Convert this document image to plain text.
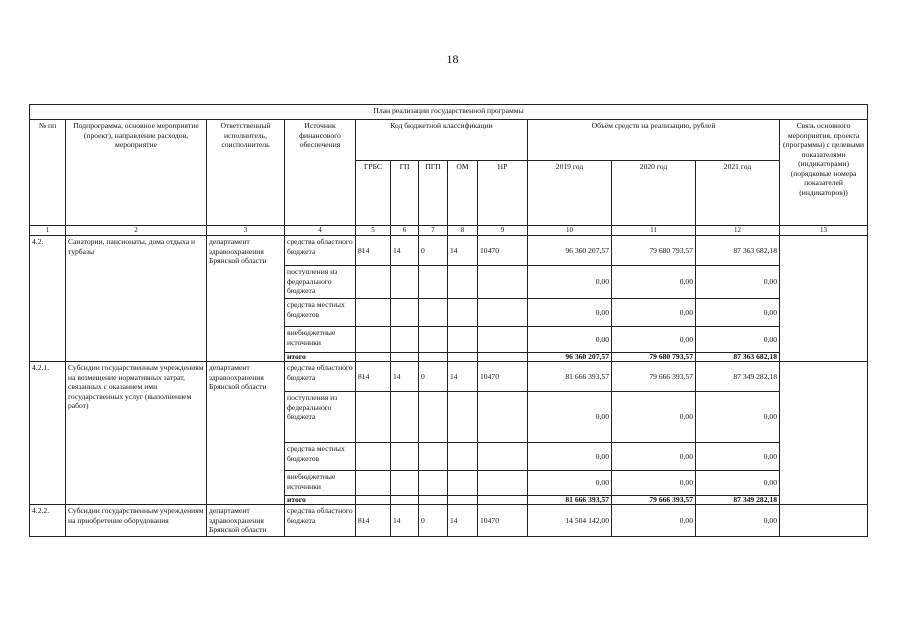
18
План реализации государственной программы												
№ пп	Подпрограмма, основное мероприятие (проект), направление расходов, мероприятие	Ответственный исполнитель, соисполнитель	Источник финансового обеспечения	Код бюджетной классификации					Объём средств на реализацию, рублей			Связь основного мероприятия, проекта (программы) с целевыми показателями (индикаторами) (порядковые номера показателей (индикаторов))
				ГРБС	ГП	ПГП	ОМ	НР	2019 год	2020 год	2021 год	
1	2	3	4	5	6	7	8	9	10	11	12	13
4.2.	Санатории, пансионаты, дома отдыха и турбазы	департамент здравоохранения Брянской области	средства областного бюджета	814	14	0	14	10470	96 360 207,57	79 680 793,57	87 363 682,18	
			поступления из федерального бюджета						0,00	0,00	0,00	
			средства местных бюджетов						0,00	0,00	0,00	
			внебюджетные источники						0,00	0,00	0,00	
			итого						96 360 207,57	79 680 793,57	87 363 682,18	
4.2.1.	Субсидии государственным учреждениям на возмещение нормативных затрат, связанных с оказанием ими государственных услуг (выполнением работ)	департамент здравоохранения Брянской области	средства областного бюджета	814	14	0	14	10470	81 666 393,57	79 666 393,57	87 349 282,18	
			поступления из федерального бюджета						0,00	0,00	0,00	
			средства местных бюджетов						0,00	0,00	0,00	
			внебюджетные источники						0,00	0,00	0,00	
			итого						81 666 393,57	79 666 393,57	87 349 282,18	
4.2.2.	Субсидии государственным учреждениям на приобретение оборудования	департамент здравоохранения Брянской области	средства областного бюджета	814	14	0	14	10470	14 504 142,00	0,00	0,00	
